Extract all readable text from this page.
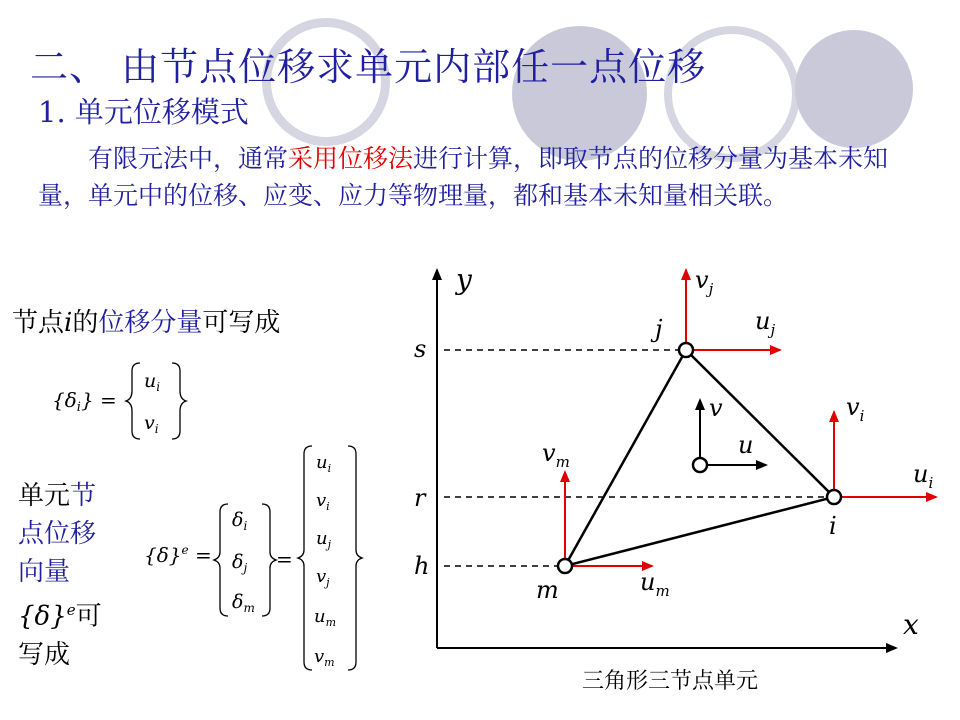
二、 由节点位移求单元内部任一点位移
1. 单元位移模式
有限元法中，通常采用位移法进行计算，即取节点的位移分量为基本未知量，单元中的位移、应变、应力等物理量，都和基本未知量相关联。
节点i的位移分量可写成
$\{\delta_i\}$ =
$u_i$
$v_i$
单元节
点位移
向量
$\{\delta\}^e$可
写成
$\{\delta\}^e$ =
$\delta_i$
$\delta_j$
$\delta_m$
=
$u_i$
$v_i$
$u_j$
$v_j$
$u_m$
$v_m$
y
x
s
r
h
j
i
m
$v_j$
$u_j$
$v_i$
$u_i$
$v_m$
$u_m$
v
u
三角形三节点单元
